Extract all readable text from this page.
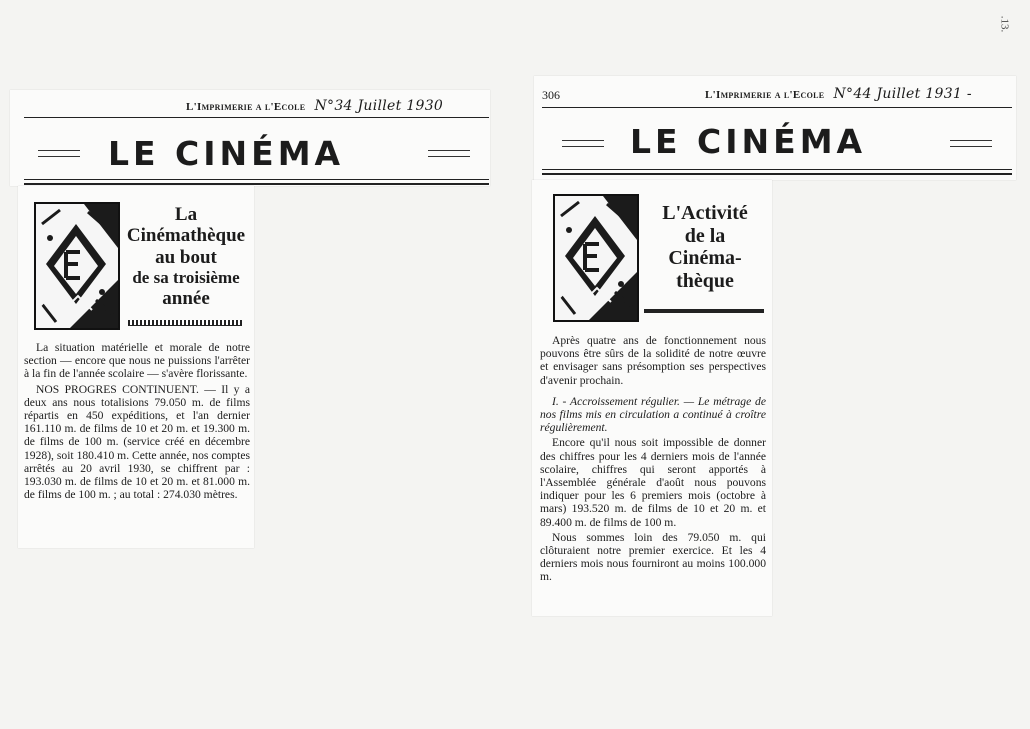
.13.
L'Imprimerie a l'Ecole N°34 Juillet 1930
LE CINÉMA
La
Cinémathèque
au bout
de sa troisième
année

La situation matérielle et morale de notre section — encore que nous ne puissions l'arrêter à la fin de l'année scolaire — s'avère florissante.

NOS PROGRES CONTINUENT. — Il y a deux ans nous totalisions 79.050 m. de films répartis en 450 expéditions, et l'an dernier 161.110 m. de films de 10 et 20 m. et 19.300 m. de films de 100 m. (service créé en décembre 1928), soit 180.410 m. Cette année, nos comptes arrêtés au 20 avril 1930, se chiffrent par : 193.030 m. de films de 10 et 20 m. et 81.000 m. de films de 100 m. ; au total : 274.030 mètres.

306	L'Imprimerie a l'Ecole N°44 Juillet 1931 -
LE CINÉMA
L'Activité
de la
Cinéma-
thèque

Après quatre ans de fonctionnement nous pouvons être sûrs de la solidité de notre œuvre et envisager sans présomption ses perspectives d'avenir prochain.

I. - Accroissement régulier. — Le métrage de nos films mis en circulation a continué à croître régulièrement.

Encore qu'il nous soit impossible de donner des chiffres pour les 4 derniers mois de l'année scolaire, chiffres qui seront apportés à l'Assemblée générale d'août nous pouvons indiquer pour les 6 premiers mois (octobre à mars) 193.520 m. de films de 10 et 20 m. et 89.400 m. de films de 100 m.

Nous sommes loin des 79.050 m. qui clôturaient notre premier exercice. Et les 4 derniers mois nous fourniront au moins 100.000 m.
